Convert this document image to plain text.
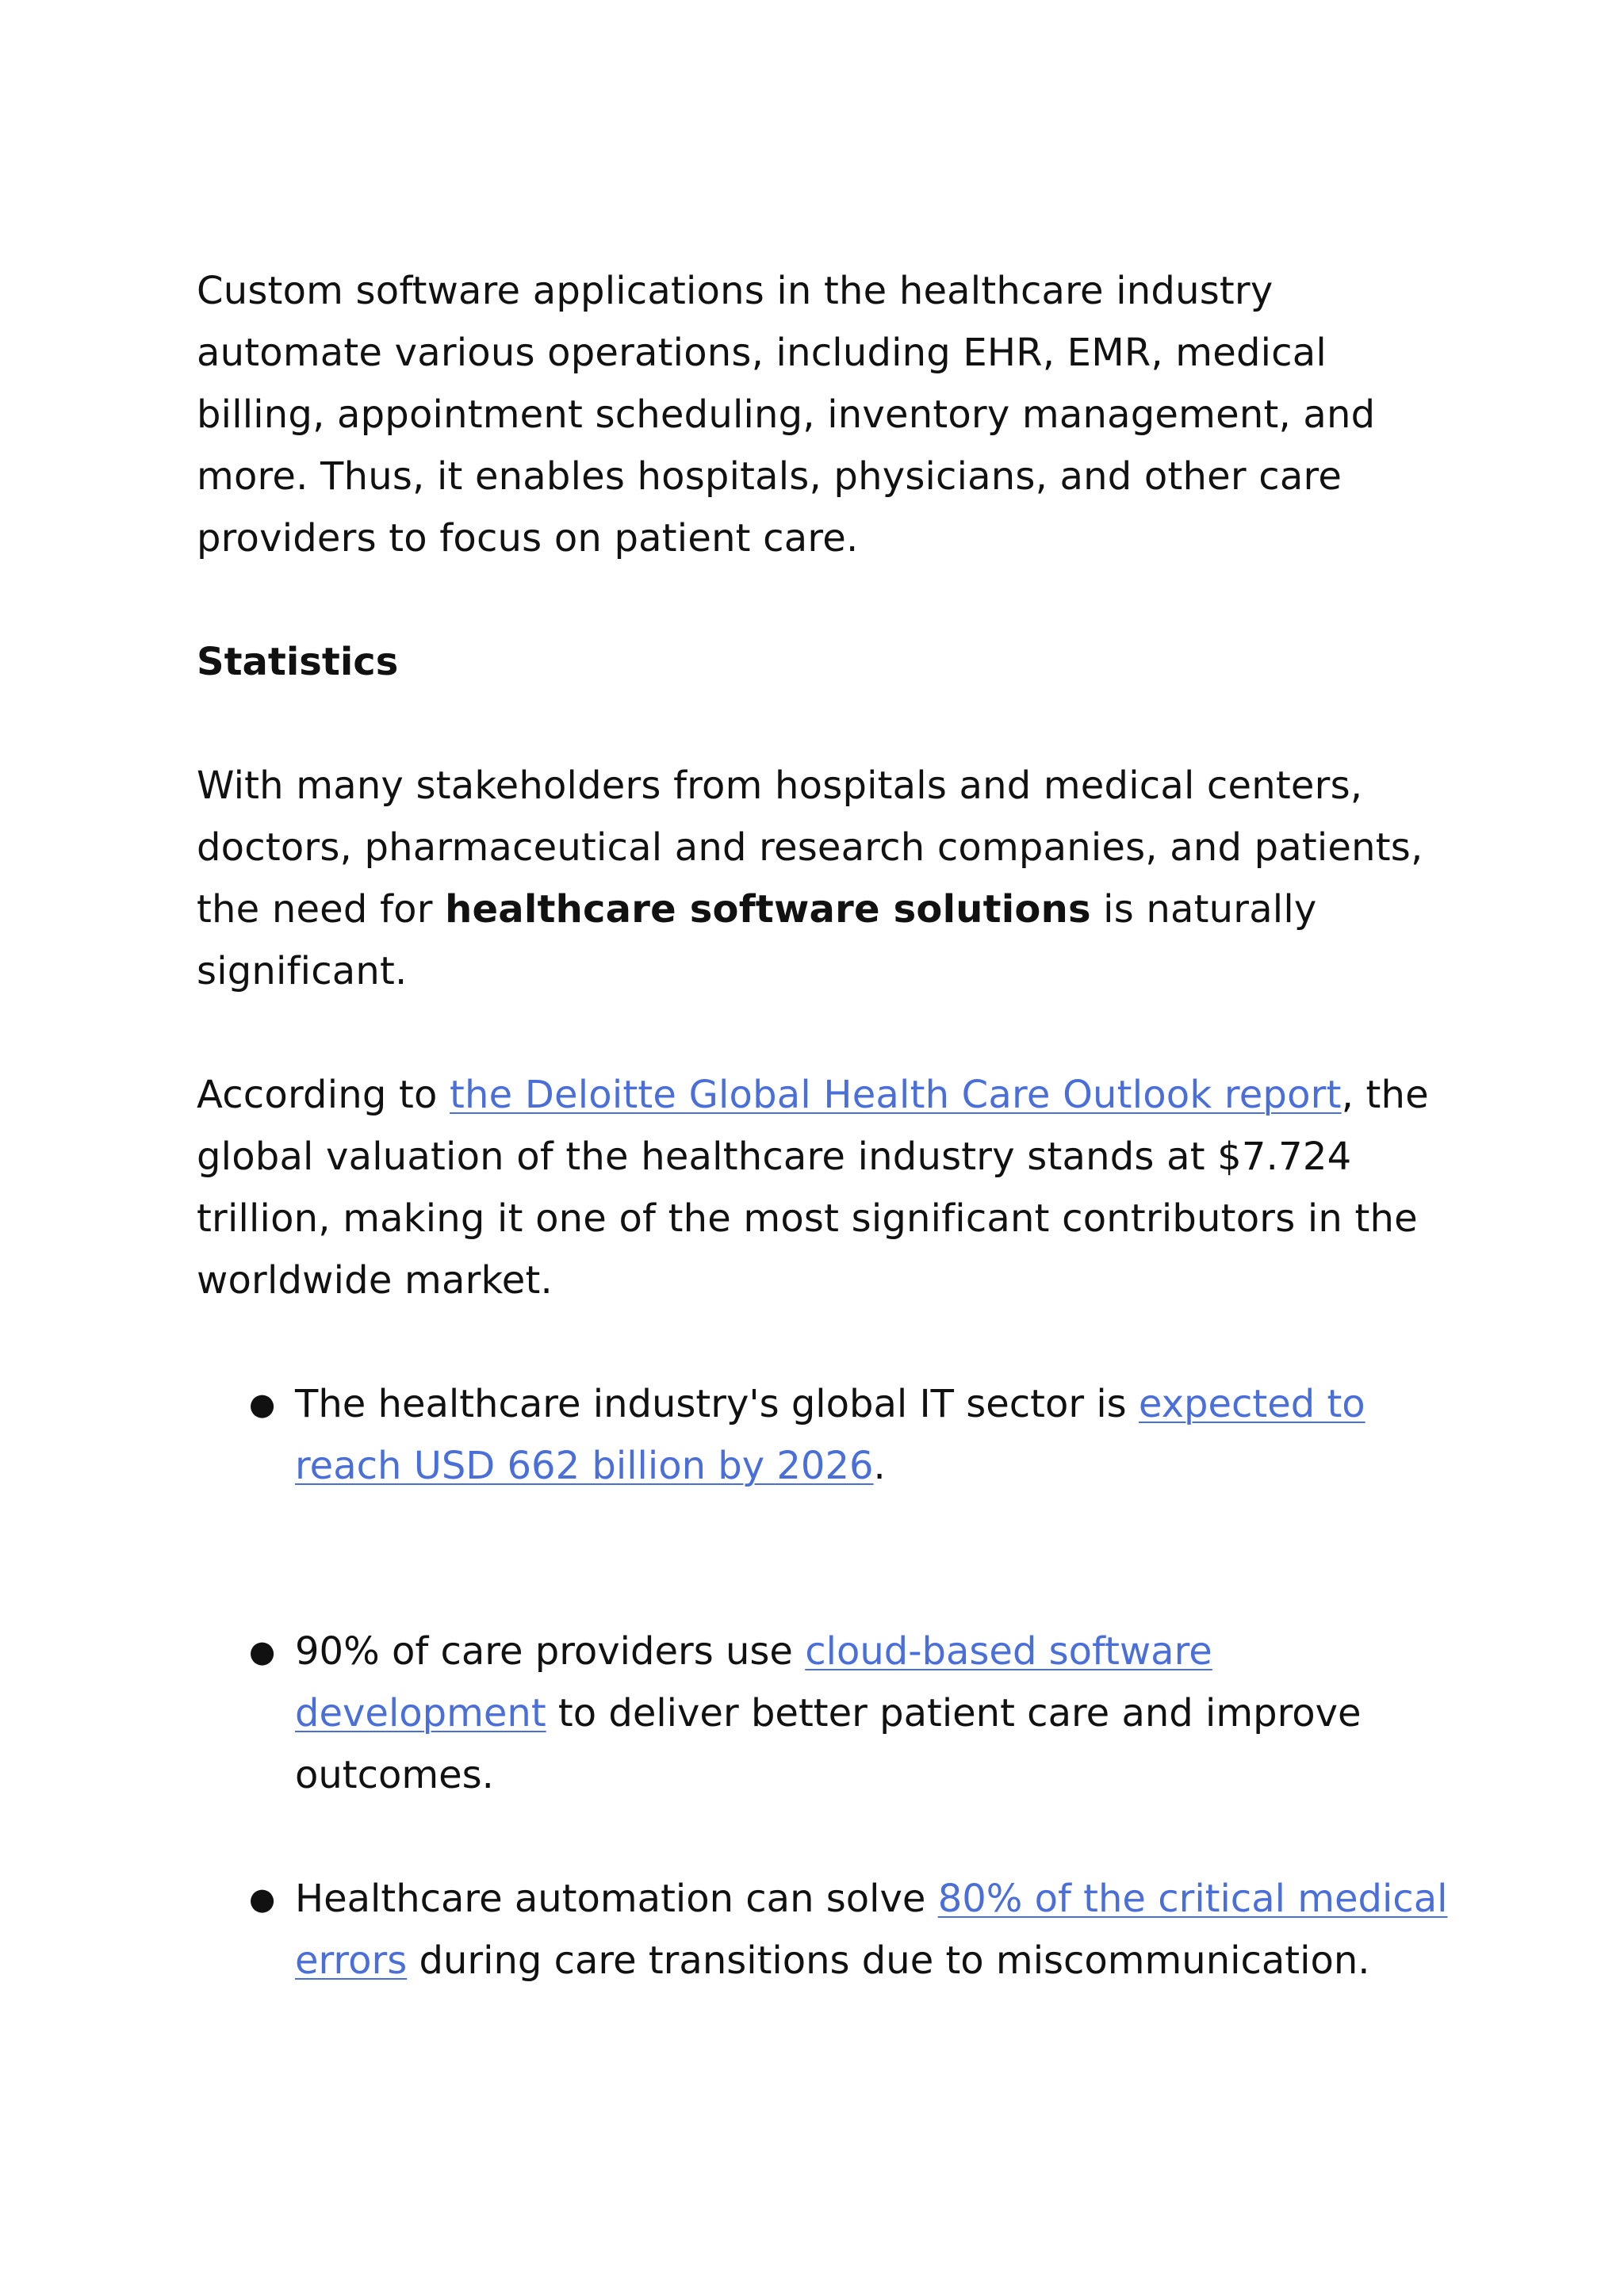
Custom software applications in the healthcare industry automate various operations, including EHR, EMR, medical billing, appointment scheduling, inventory management, and more. Thus, it enables hospitals, physicians, and other care providers to focus on patient care.

Statistics

With many stakeholders from hospitals and medical centers, doctors, pharmaceutical and research companies, and patients, the need for healthcare software solutions is naturally significant.

According to the Deloitte Global Health Care Outlook report, the global valuation of the healthcare industry stands at $7.724 trillion, making it one of the most significant contributors in the worldwide market.

● The healthcare industry's global IT sector is expected to reach USD 662 billion by 2026.
● 90% of care providers use cloud-based software development to deliver better patient care and improve outcomes.
● Healthcare automation can solve 80% of the critical medical errors during care transitions due to miscommunication.
